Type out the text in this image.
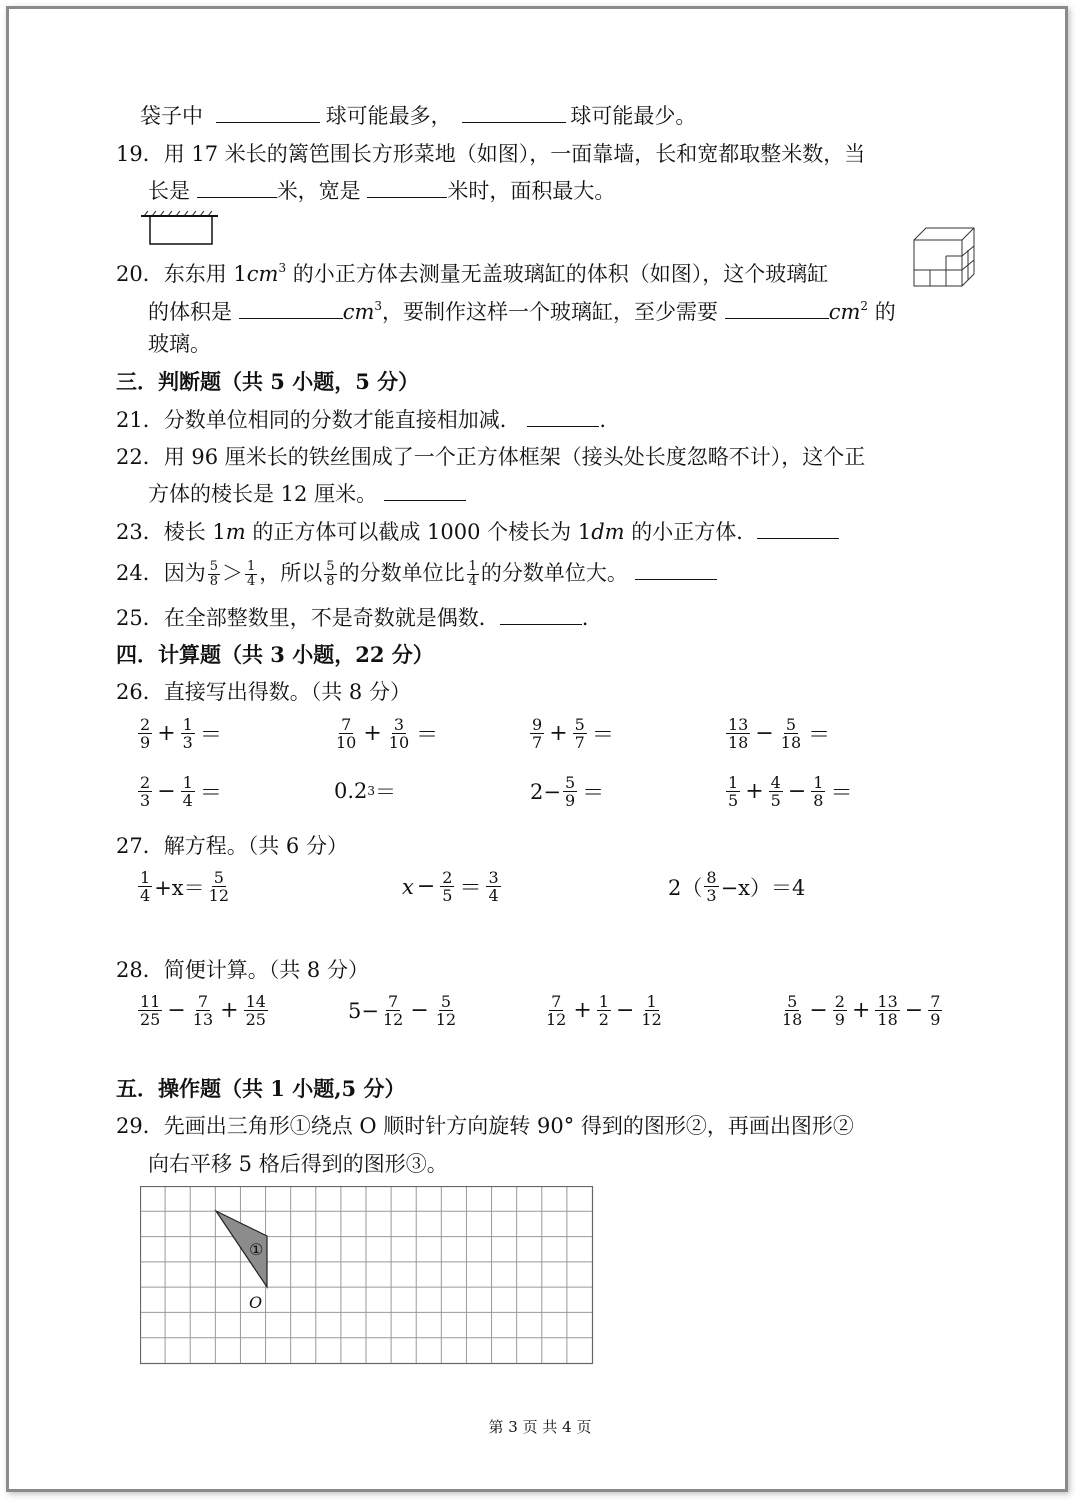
袋子中	球可能最多，	球可能最少。
19．用 17 米长的篱笆围长方形菜地（如图），一面靠墙，长和宽都取整米数，当
长是	米，宽是	米时，面积最大。
20．东东用 $1cm^3$ 的小正方体去测量无盖玻璃缸的体积（如图），这个玻璃缸
的体积是	$cm^3$，要制作这样一个玻璃缸，至少需要	$cm^2$ 的
玻璃。
三．判断题（共 5 小题，5 分）
21．分数单位相同的分数才能直接相加减．	.
22．用 96 厘米长的铁丝围成了一个正方体框架（接头处长度忽略不计），这个正
方体的棱长是 12 厘米。
23．棱长 1m 的正方体可以截成 1000 个棱长为 1dm 的小正方体．
24．因为 $\frac{5}{8} > \frac{1}{4}$ ，所以 $\frac{5}{8}$ 的分数单位比 $\frac{1}{4}$ 的分数单位大。
25．在全部整数里，不是奇数就是偶数．	.
四．计算题（共 3 小题，22 分）
26．直接写出得数。（共 8 分）
$\frac{2}{9} + \frac{1}{3}$ ＝	$\frac{7}{10} + \frac{3}{10}$ ＝	$\frac{9}{7} + \frac{5}{7}$ ＝	$\frac{13}{18} - \frac{5}{18}$ ＝
$\frac{2}{3} - \frac{1}{4}$ ＝	0.2 3 ＝	$2- \frac{5}{9}$ ＝	$\frac{1}{5} + \frac{4}{5} - \frac{1}{8}$ ＝
27．解方程。（共 6 分）
$\frac{1}{4} +x= \frac{5}{12}$	$x - \frac{2}{5} = \frac{3}{4}$	$2( \frac{8}{3} -x)=4$
28．简便计算。（共 8 分）
$\frac{11}{25} - \frac{7}{13} + \frac{14}{25}$	$5- \frac{7}{12} - \frac{5}{12}$	$\frac{7}{12} + \frac{1}{2} - \frac{1}{12}$	$\frac{5}{18} - \frac{2}{9} + \frac{13}{18} - \frac{7}{9}$
五．操作题（共 1 小题,5 分）
29．先画出三角形①绕点 O 顺时针方向旋转 90° 得到的图形②，再画出图形②
向右平移 5 格后得到的图形③。
①
O
第 3 页 共 4 页
